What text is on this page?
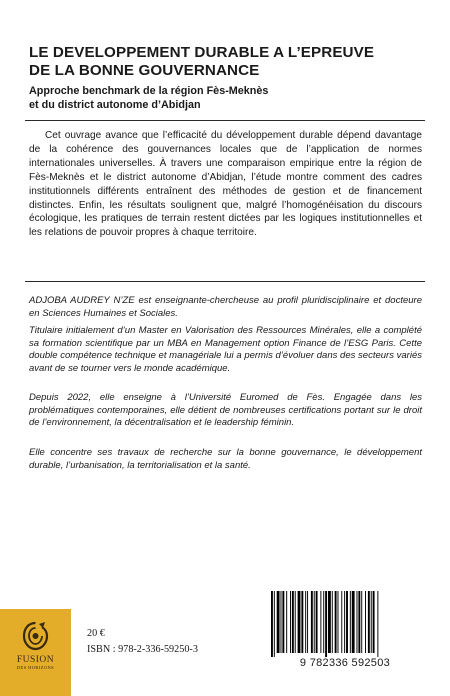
LE DEVELOPPEMENT DURABLE A L’EPREUVE
DE LA BONNE GOUVERNANCE
Approche benchmark de la région Fès-Meknès
et du district autonome d’Abidjan

Cet ouvrage avance que l’efficacité du développement durable dépend davantage de la cohérence des gouvernances locales que de l’application de normes internationales universelles. À travers une comparaison empirique entre la région de Fès-Meknès et le district autonome d’Abidjan, l’étude montre comment des cadres institutionnels différents entraînent des méthodes de gestion et de financement distinctes. Enfin, les résultats soulignent que, malgré l’homogénéisation du discours écologique, les pratiques de terrain restent dictées par les logiques institutionnelles et les relations de pouvoir propres à chaque territoire.

ADJOBA AUDREY N’ZE est enseignante-chercheuse au profil pluridisciplinaire et docteure en Sciences Humaines et Sociales.

Titulaire initialement d’un Master en Valorisation des Ressources Minérales, elle a complété sa formation scientifique par un MBA en Management option Finance de l’ESG Paris. Cette double compétence technique et managériale lui a permis d’évoluer dans des secteurs variés avant de se tourner vers le monde académique.

Depuis 2022, elle enseigne à l’Université Euromed de Fès. Engagée dans les problématiques contemporaines, elle détient de nombreuses certifications portant sur le droit de l’environnement, la décentralisation et le leadership féminin.

Elle concentre ses travaux de recherche sur la bonne gouvernance, le développement durable, l’urbanisation, la territorialisation et la santé.

FUSION
DES HORIZONS
20 €
ISBN : 978-2-336-59250-3
9 782336 592503
